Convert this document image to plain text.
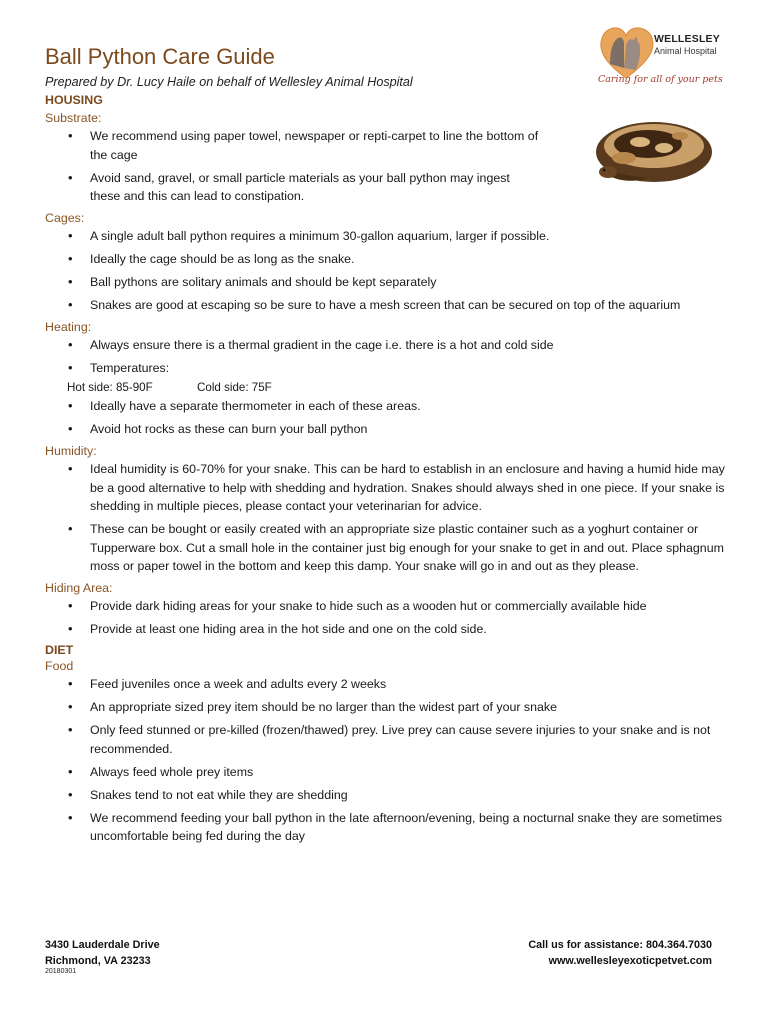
WELLESLEY
Animal Hospital
Caring for all of your pets
Ball Python Care Guide
Prepared by Dr. Lucy Haile on behalf of Wellesley Animal Hospital
HOUSING
Substrate:
• We recommend using paper towel, newspaper or repti-carpet to line the bottom of the cage
• Avoid sand, gravel, or small particle materials as your ball python may ingest these and this can lead to constipation.
Cages:
• A single adult ball python requires a minimum 30-gallon aquarium, larger if possible.
• Ideally the cage should be as long as the snake.
• Ball pythons are solitary animals and should be kept separately
• Snakes are good at escaping so be sure to have a mesh screen that can be secured on top of the aquarium
Heating:
• Always ensure there is a thermal gradient in the cage i.e. there is a hot and cold side
• Temperatures:
Hot side: 85-90F	Cold side: 75F
• Ideally have a separate thermometer in each of these areas.
• Avoid hot rocks as these can burn your ball python
Humidity:
• Ideal humidity is 60-70% for your snake. This can be hard to establish in an enclosure and having a humid hide may be a good alternative to help with shedding and hydration. Snakes should always shed in one piece. If your snake is shedding in multiple pieces, please contact your veterinarian for advice.
• These can be bought or easily created with an appropriate size plastic container such as a yoghurt container or Tupperware box. Cut a small hole in the container just big enough for your snake to get in and out. Place sphagnum moss or paper towel in the bottom and keep this damp. Your snake will go in and out as they please.
Hiding Area:
• Provide dark hiding areas for your snake to hide such as a wooden hut or commercially available hide
• Provide at least one hiding area in the hot side and one on the cold side.
DIET
Food
• Feed juveniles once a week and adults every 2 weeks
• An appropriate sized prey item should be no larger than the widest part of your snake
• Only feed stunned or pre-killed (frozen/thawed) prey. Live prey can cause severe injuries to your snake and is not recommended.
• Always feed whole prey items
• Snakes tend to not eat while they are shedding
• We recommend feeding your ball python in the late afternoon/evening, being a nocturnal snake they are sometimes uncomfortable being fed during the day
3430 Lauderdale Drive
Richmond, VA 23233
20180301
Call us for assistance: 804.364.7030
www.wellesleyexoticpetvet.com
